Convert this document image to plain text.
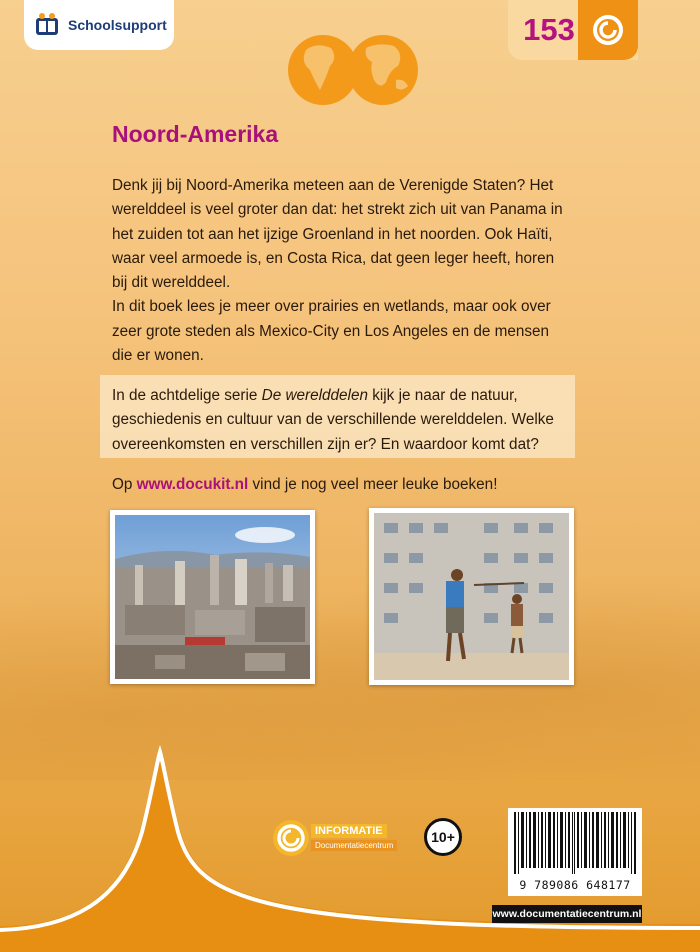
Schoolsupport	153
Noord-Amerika

Denk jij bij Noord-Amerika meteen aan de Verenigde Staten? Het werelddeel is veel groter dan dat: het strekt zich uit van Panama in het zuiden tot aan het ijzige Groenland in het noorden. Ook Haïti, waar veel armoede is, en Costa Rica, dat geen leger heeft, horen bij dit werelddeel.

In dit boek lees je meer over prairies en wetlands, maar ook over zeer grote steden als Mexico-City en Los Angeles en de mensen die er wonen.

In de achtdelige serie De werelddelen kijk je naar de natuur, geschiedenis en cultuur van de verschillende werelddelen. Welke overeenkomsten en verschillen zijn er? En waardoor komt dat?
Op www.docukit.nl vind je nog veel meer leuke boeken!
INFORMATIE
Documentatiecentrum
10+
9 789086 648177
www.documentatiecentrum.nl
